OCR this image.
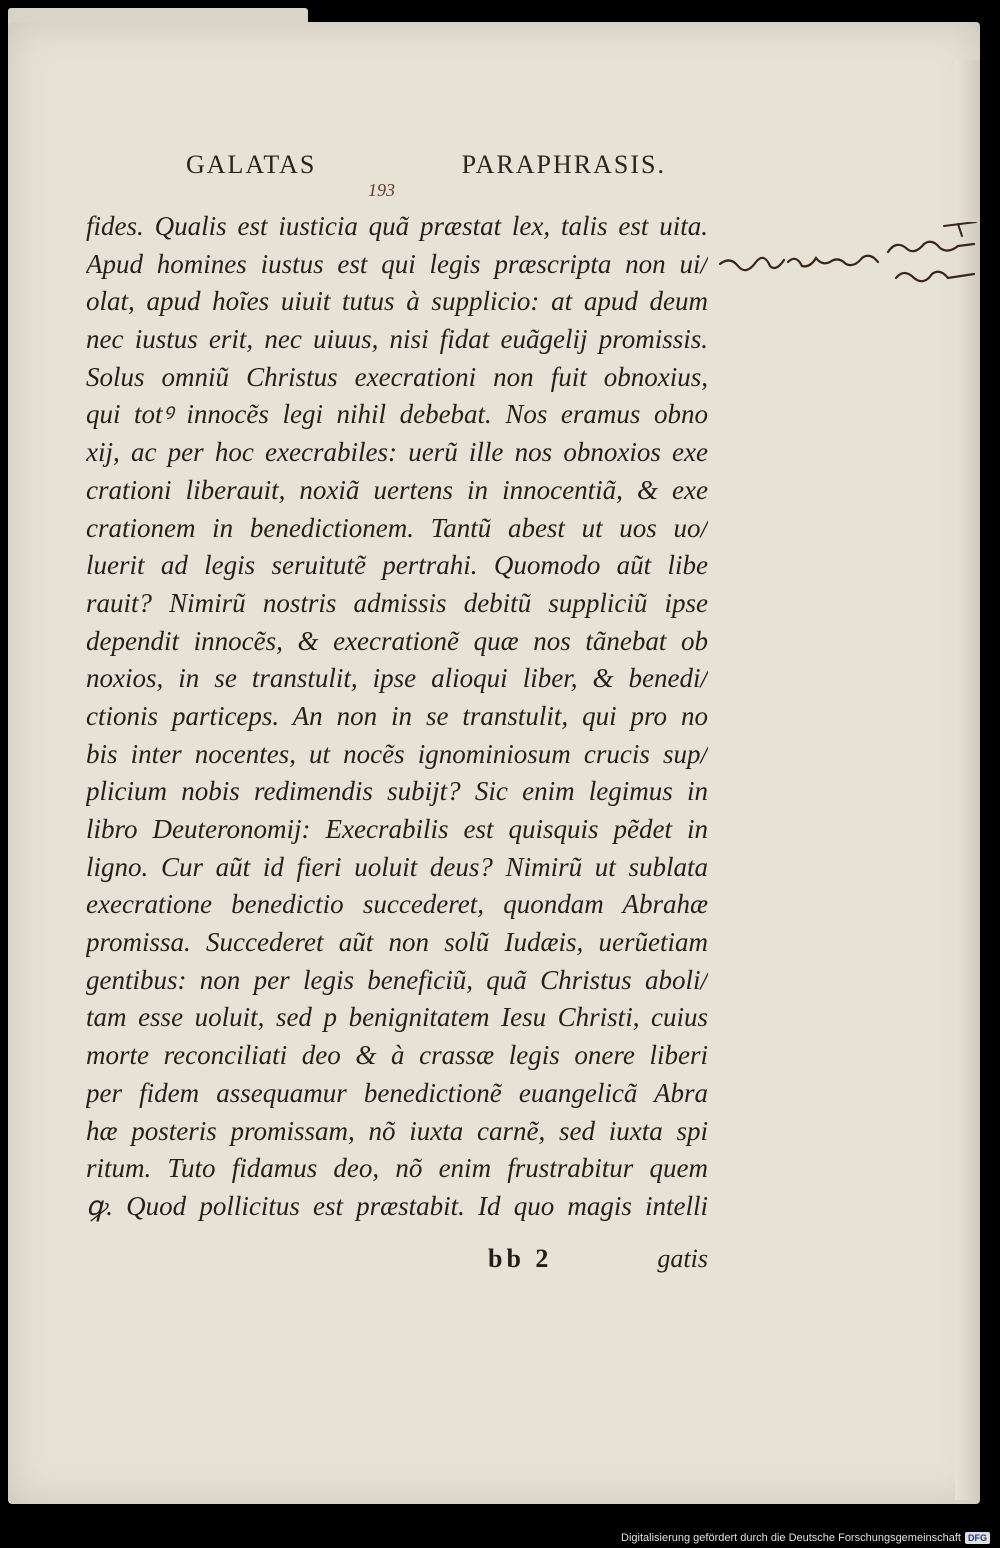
GALATAS	PARAPHRASIS.
193
fides. Qualis est iusticia quã præstat lex, talis est uita.
Apud homines iustus est qui legis præscripta non ui/
olat, apud hoĩes uiuit tutus à supplicio: at apud deum
nec iustus erit, nec uiuus, nisi fidat euãgelij promissis.
Solus omniũ Christus execrationi non fuit obnoxius,
qui totꝰ innocẽs legi nihil debebat. Nos eramus obno
xij, ac per hoc execrabiles: uerũ ille nos obnoxios exe
crationi liberauit, noxiã uertens in innocentiã, & exe
crationem in benedictionem. Tantũ abest ut uos uo/
luerit ad legis seruitutẽ pertrahi. Quomodo aũt libe
rauit? Nimirũ nostris admissis debitũ suppliciũ ipse
dependit innocẽs, & execrationẽ quæ nos tãnebat ob
noxios, in se transtulit, ipse alioqui liber, & benedi/
ctionis particeps. An non in se transtulit, qui pro no
bis inter nocentes, ut nocẽs ignominiosum crucis sup/
plicium nobis redimendis subijt? Sic enim legimus in
libro Deuteronomij: Execrabilis est quisquis pẽdet in
ligno. Cur aũt id fieri uoluit deus? Nimirũ ut sublata
execratione benedictio succederet, quondam Abrahæ
promissa. Succederet aũt non solũ Iudæis, uerũetiam
gentibus: non per legis beneficiũ, quã Christus aboli/
tam esse uoluit, sed p benignitatem Iesu Christi, cuius
morte reconciliati deo & à crassæ legis onere liberi
per fidem assequamur benedictionẽ euangelicã Abra
hæ posteris promissam, nõ iuxta carnẽ, sed iuxta spi
ritum. Tuto fidamus deo, nõ enim frustrabitur quem
ꝙ. Quod pollicitus est præstabit. Id quo magis intelli
bb 2	gatis
Digitalisierung gefördert durch die Deutsche Forschungsgemeinschaft DFG
